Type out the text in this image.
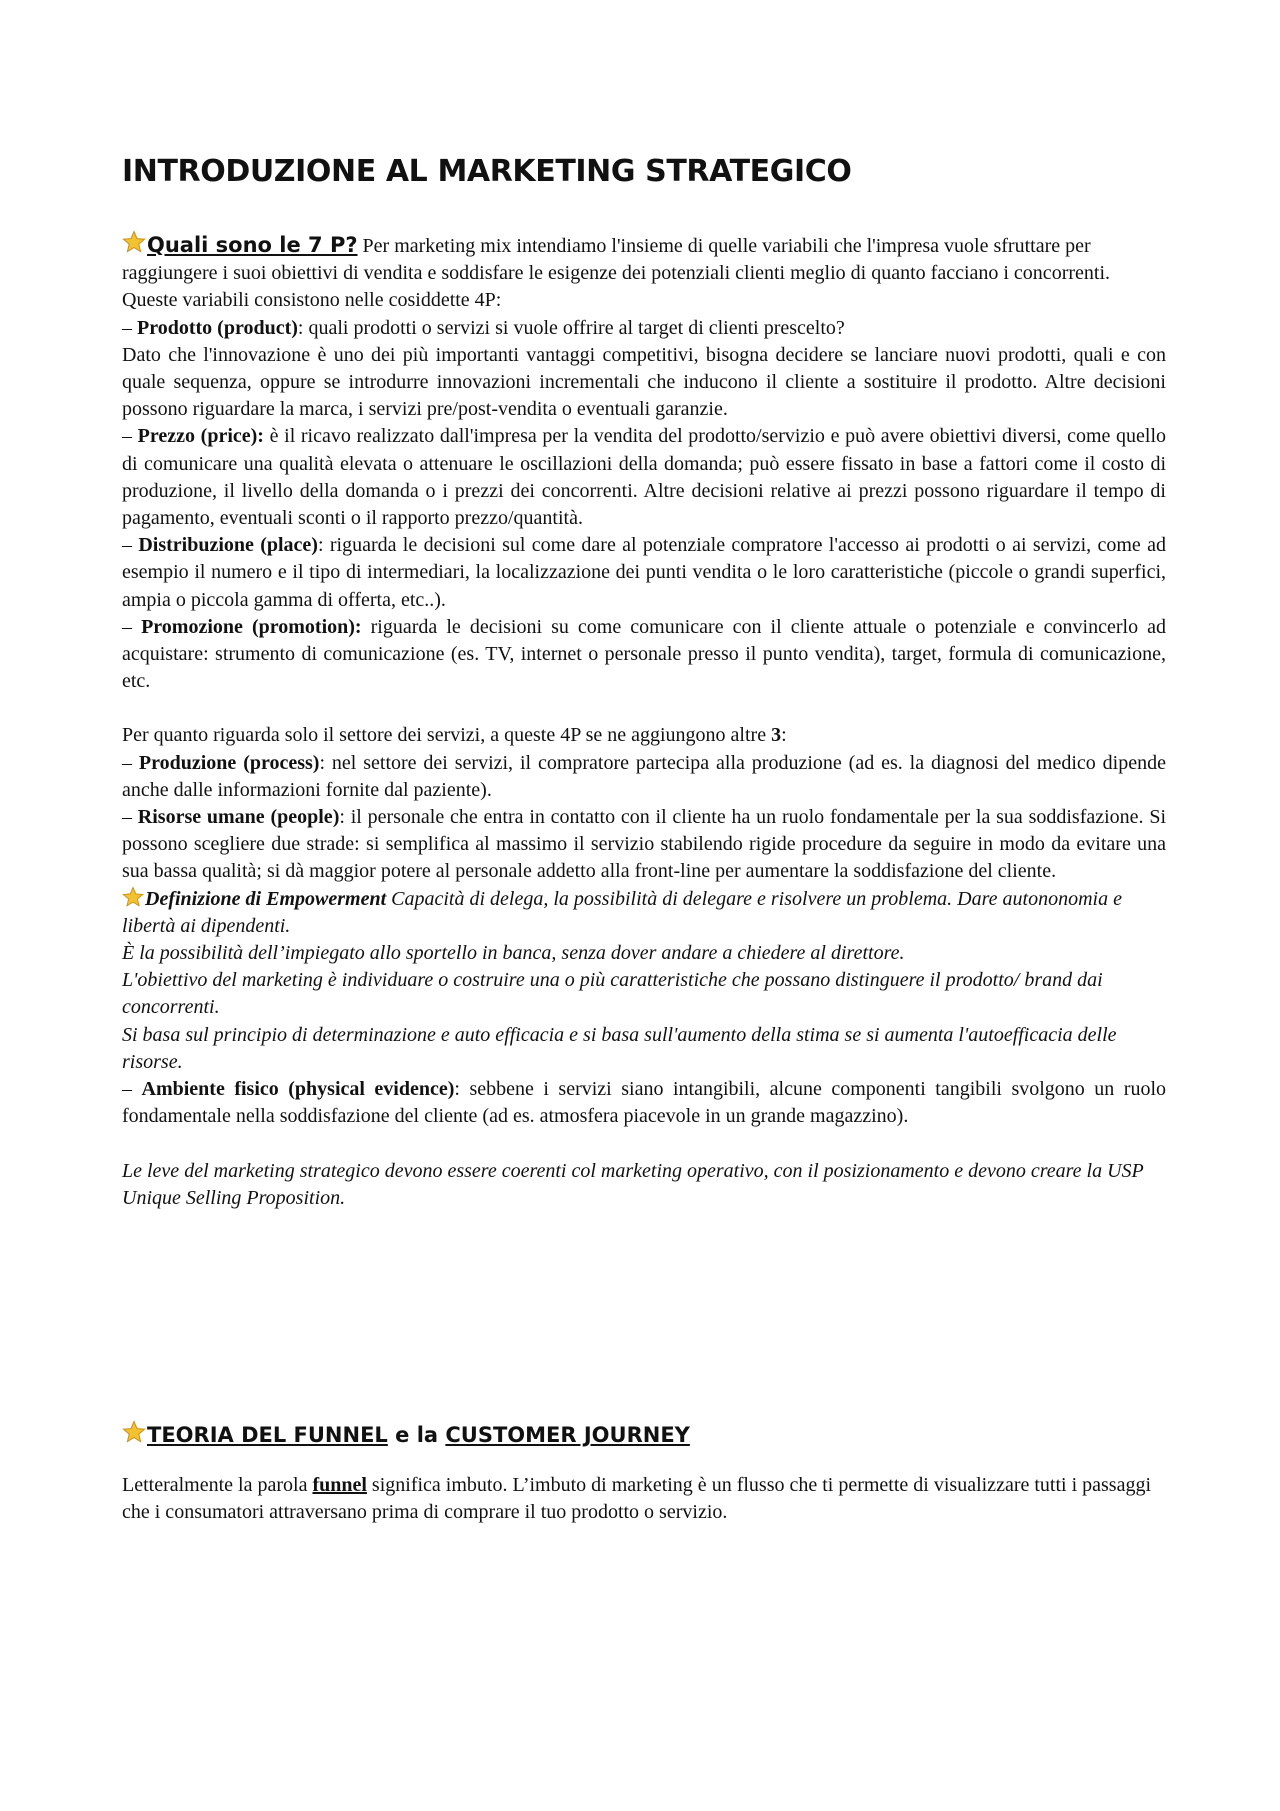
INTRODUZIONE AL MARKETING STRATEGICO

Quali sono le 7 P? Per marketing mix intendiamo l'insieme di quelle variabili che l'impresa vuole sfruttare per raggiungere i suoi obiettivi di vendita e soddisfare le esigenze dei potenziali clienti meglio di quanto facciano i concorrenti. Queste variabili consistono nelle cosiddette 4P:

– Prodotto (product): quali prodotti o servizi si vuole offrire al target di clienti prescelto?

Dato che l'innovazione è uno dei più importanti vantaggi competitivi, bisogna decidere se lanciare nuovi prodotti, quali e con quale sequenza, oppure se introdurre innovazioni incrementali che inducono il cliente a sostituire il prodotto. Altre decisioni possono riguardare la marca, i servizi pre/post-vendita o eventuali garanzie.

– Prezzo (price): è il ricavo realizzato dall'impresa per la vendita del prodotto/servizio e può avere obiettivi diversi, come quello di comunicare una qualità elevata o attenuare le oscillazioni della domanda; può essere fissato in base a fattori come il costo di produzione, il livello della domanda o i prezzi dei concorrenti. Altre decisioni relative ai prezzi possono riguardare il tempo di pagamento, eventuali sconti o il rapporto prezzo/quantità.

– Distribuzione (place): riguarda le decisioni sul come dare al potenziale compratore l'accesso ai prodotti o ai servizi, come ad esempio il numero e il tipo di intermediari, la localizzazione dei punti vendita o le loro caratteristiche (piccole o grandi superfici, ampia o piccola gamma di offerta, etc..).

– Promozione (promotion): riguarda le decisioni su come comunicare con il cliente attuale o potenziale e convincerlo ad acquistare: strumento di comunicazione (es. TV, internet o personale presso il punto vendita), target, formula di comunicazione, etc.

Per quanto riguarda solo il settore dei servizi, a queste 4P se ne aggiungono altre 3:

– Produzione (process): nel settore dei servizi, il compratore partecipa alla produzione (ad es. la diagnosi del medico dipende anche dalle informazioni fornite dal paziente).

– Risorse umane (people): il personale che entra in contatto con il cliente ha un ruolo fondamentale per la sua soddisfazione. Si possono scegliere due strade: si semplifica al massimo il servizio stabilendo rigide procedure da seguire in modo da evitare una sua bassa qualità; si dà maggior potere al personale addetto alla front-line per aumentare la soddisfazione del cliente.

Definizione di Empowerment Capacità di delega, la possibilità di delegare e risolvere un problema. Dare autononomia e libertà ai dipendenti.

È la possibilità dell’impiegato allo sportello in banca, senza dover andare a chiedere al direttore.

L'obiettivo del marketing è individuare o costruire una o più caratteristiche che possano distinguere il prodotto/ brand dai concorrenti.

Si basa sul principio di determinazione e auto efficacia e si basa sull'aumento della stima se si aumenta l'autoefficacia delle risorse.

– Ambiente fisico (physical evidence): sebbene i servizi siano intangibili, alcune componenti tangibili svolgono un ruolo fondamentale nella soddisfazione del cliente (ad es. atmosfera piacevole in un grande magazzino).

Le leve del marketing strategico devono essere coerenti col marketing operativo, con il posizionamento e devono creare la USP Unique Selling Proposition.

TEORIA DEL FUNNEL e la CUSTOMER JOURNEY

Letteralmente la parola funnel significa imbuto. L’imbuto di marketing è un flusso che ti permette di visualizzare tutti i passaggi che i consumatori attraversano prima di comprare il tuo prodotto o servizio.
